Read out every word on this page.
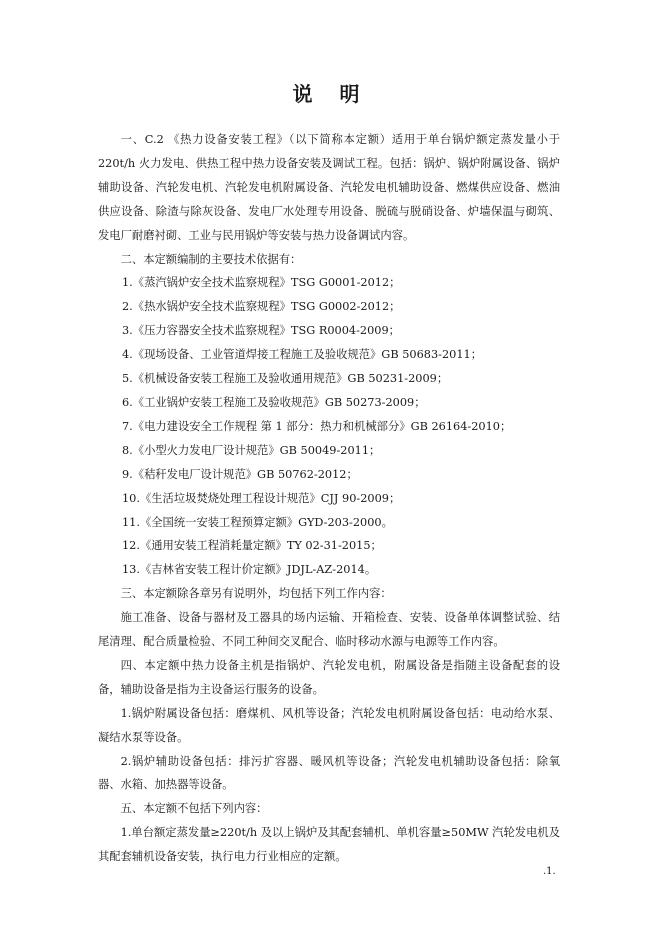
说 明

一、C.2 《热力设备安装工程》（以下简称本定额）适用于单台锅炉额定蒸发量小于220t/h 火力发电、供热工程中热力设备安装及调试工程。包括：锅炉、锅炉附属设备、锅炉辅助设备、汽轮发电机、汽轮发电机附属设备、汽轮发电机辅助设备、燃煤供应设备、燃油供应设备、除渣与除灰设备、发电厂水处理专用设备、脱硫与脱硝设备、炉墙保温与砌筑、发电厂耐磨衬砌、工业与民用锅炉等安装与热力设备调试内容。

二、本定额编制的主要技术依据有：

1.《蒸汽锅炉安全技术监察规程》TSG G0001-2012；

2.《热水锅炉安全技术监察规程》TSG G0002-2012；

3.《压力容器安全技术监察规程》TSG R0004-2009；

4.《现场设备、工业管道焊接工程施工及验收规范》GB 50683-2011；

5.《机械设备安装工程施工及验收通用规范》GB 50231-2009；

6.《工业锅炉安装工程施工及验收规范》GB 50273-2009；

7.《电力建设安全工作规程 第 1 部分：热力和机械部分》GB 26164-2010；

8.《小型火力发电厂设计规范》GB 50049-2011；

9.《秸秆发电厂设计规范》GB 50762-2012；

10.《生活垃圾焚烧处理工程设计规范》CJJ 90-2009；

11.《全国统一安装工程预算定额》GYD-203-2000。

12.《通用安装工程消耗量定额》TY 02-31-2015；

13.《吉林省安装工程计价定额》JDJL-AZ-2014。

三、本定额除各章另有说明外，均包括下列工作内容：

施工准备、设备与器材及工器具的场内运输、开箱检查、安装、设备单体调整试验、结尾清理、配合质量检验、不同工种间交叉配合、临时移动水源与电源等工作内容。

四、本定额中热力设备主机是指锅炉、汽轮发电机，附属设备是指随主设备配套的设备，辅助设备是指为主设备运行服务的设备。

1.锅炉附属设备包括：磨煤机、风机等设备；汽轮发电机附属设备包括：电动给水泵、凝结水泵等设备。

2.锅炉辅助设备包括：排污扩容器、暖风机等设备；汽轮发电机辅助设备包括：除氧器、水箱、加热器等设备。

五、本定额不包括下列内容：

1.单台额定蒸发量≥220t/h 及以上锅炉及其配套辅机、单机容量≥50MW 汽轮发电机及其配套辅机设备安装，执行电力行业相应的定额。

.1.
